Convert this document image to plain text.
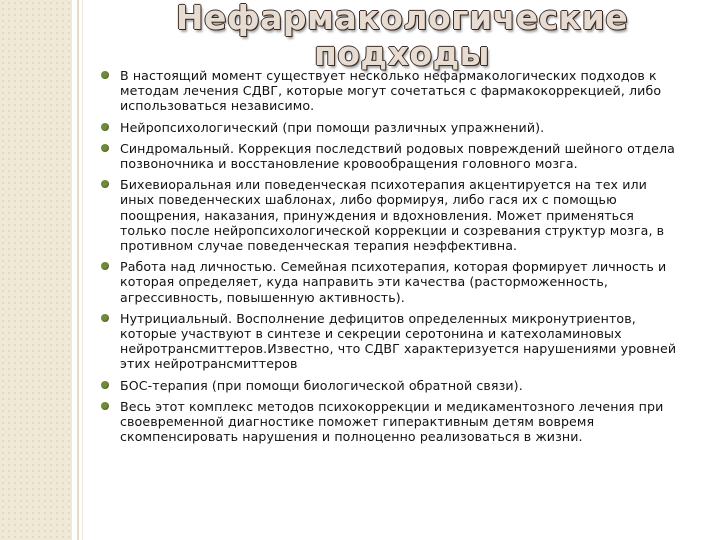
Нефармакологические
подходы
В настоящий момент существует несколько нефармакологических подходов к методам лечения СДВГ, которые могут сочетаться с фармакокоррекцией, либо использоваться независимо.
Нейропсихологический (при помощи различных упражнений).
Синдромальный. Коррекция последствий родовых повреждений шейного отдела позвоночника и восстановление кровообращения головного мозга.
Бихевиоральная или поведенческая психотерапия акцентируется на тех или иных поведенческих шаблонах, либо формируя, либо гася их с помощью поощрения, наказания, принуждения и вдохновления. Может применяться только после нейропсихологической коррекции и созревания структур мозга, в противном случае поведенческая терапия неэффективна.
Работа над личностью. Семейная психотерапия, которая формирует личность и которая определяет, куда направить эти качества (расторможенность, агрессивность, повышенную активность).
Нутрициальный. Восполнение дефицитов определенных микронутриентов, которые участвуют в синтезе и секреции серотонина и катехоламиновых нейротрансмиттеров.Известно, что СДВГ характеризуется нарушениями уровней этих нейротрансмиттеров
БОС-терапия (при помощи биологической обратной связи).
Весь этот комплекс методов психокоррекции и медикаментозного лечения при своевременной диагностике поможет гиперактивным детям вовремя скомпенсировать нарушения и полноценно реализоваться в жизни.
